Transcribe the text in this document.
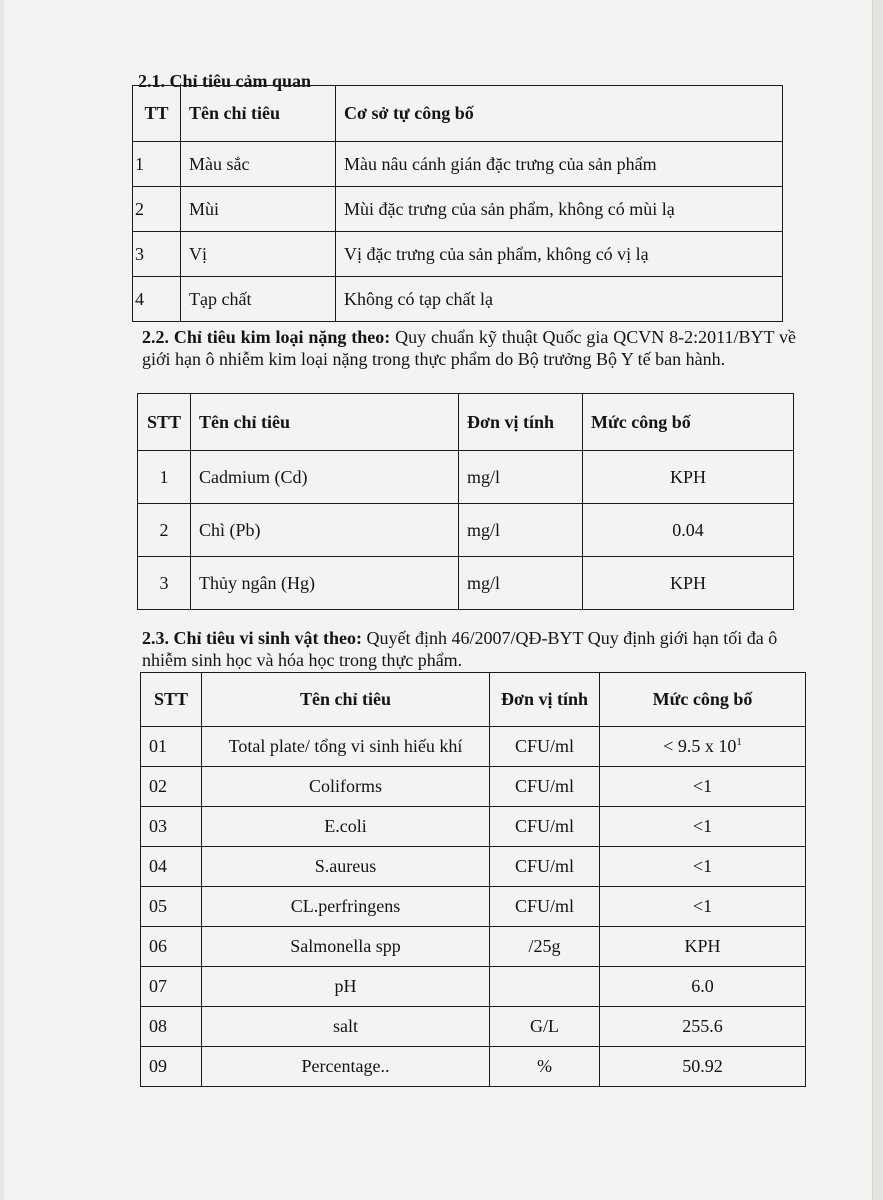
2.1. Chỉ tiêu cảm quan

TT	Tên chỉ tiêu	Cơ sở tự công bố
1	Màu sắc	Màu nâu cánh gián đặc trưng của sản phẩm
2	Mùi	Mùi đặc trưng của sản phẩm, không có mùi lạ
3	Vị	Vị đặc trưng của sản phẩm, không có vị lạ
4	Tạp chất	Không có tạp chất lạ

2.2. Chỉ tiêu kim loại nặng theo: Quy chuẩn kỹ thuật Quốc gia QCVN 8-2:2011/BYT về giới hạn ô nhiễm kim loại nặng trong thực phẩm do Bộ trưởng Bộ Y tế ban hành.

STT	Tên chỉ tiêu	Đơn vị tính	Mức công bố
1	Cadmium (Cd)	mg/l	KPH
2	Chì (Pb)	mg/l	0.04
3	Thủy ngân (Hg)	mg/l	KPH

2.3. Chỉ tiêu vi sinh vật theo: Quyết định 46/2007/QĐ-BYT Quy định giới hạn tối đa ô nhiễm sinh học và hóa học trong thực phẩm.

STT	Tên chỉ tiêu	Đơn vị tính	Mức công bố
01	Total plate/ tổng vi sinh hiếu khí	CFU/ml	< 9.5 x $10^1$
02	Coliforms	CFU/ml	<1
03	E.coli	CFU/ml	<1
04	S.aureus	CFU/ml	<1
05	CL.perfringens	CFU/ml	<1
06	Salmonella spp	/25g	KPH
07	pH		6.0
08	salt	G/L	255.6
09	Percentage..	%	50.92
